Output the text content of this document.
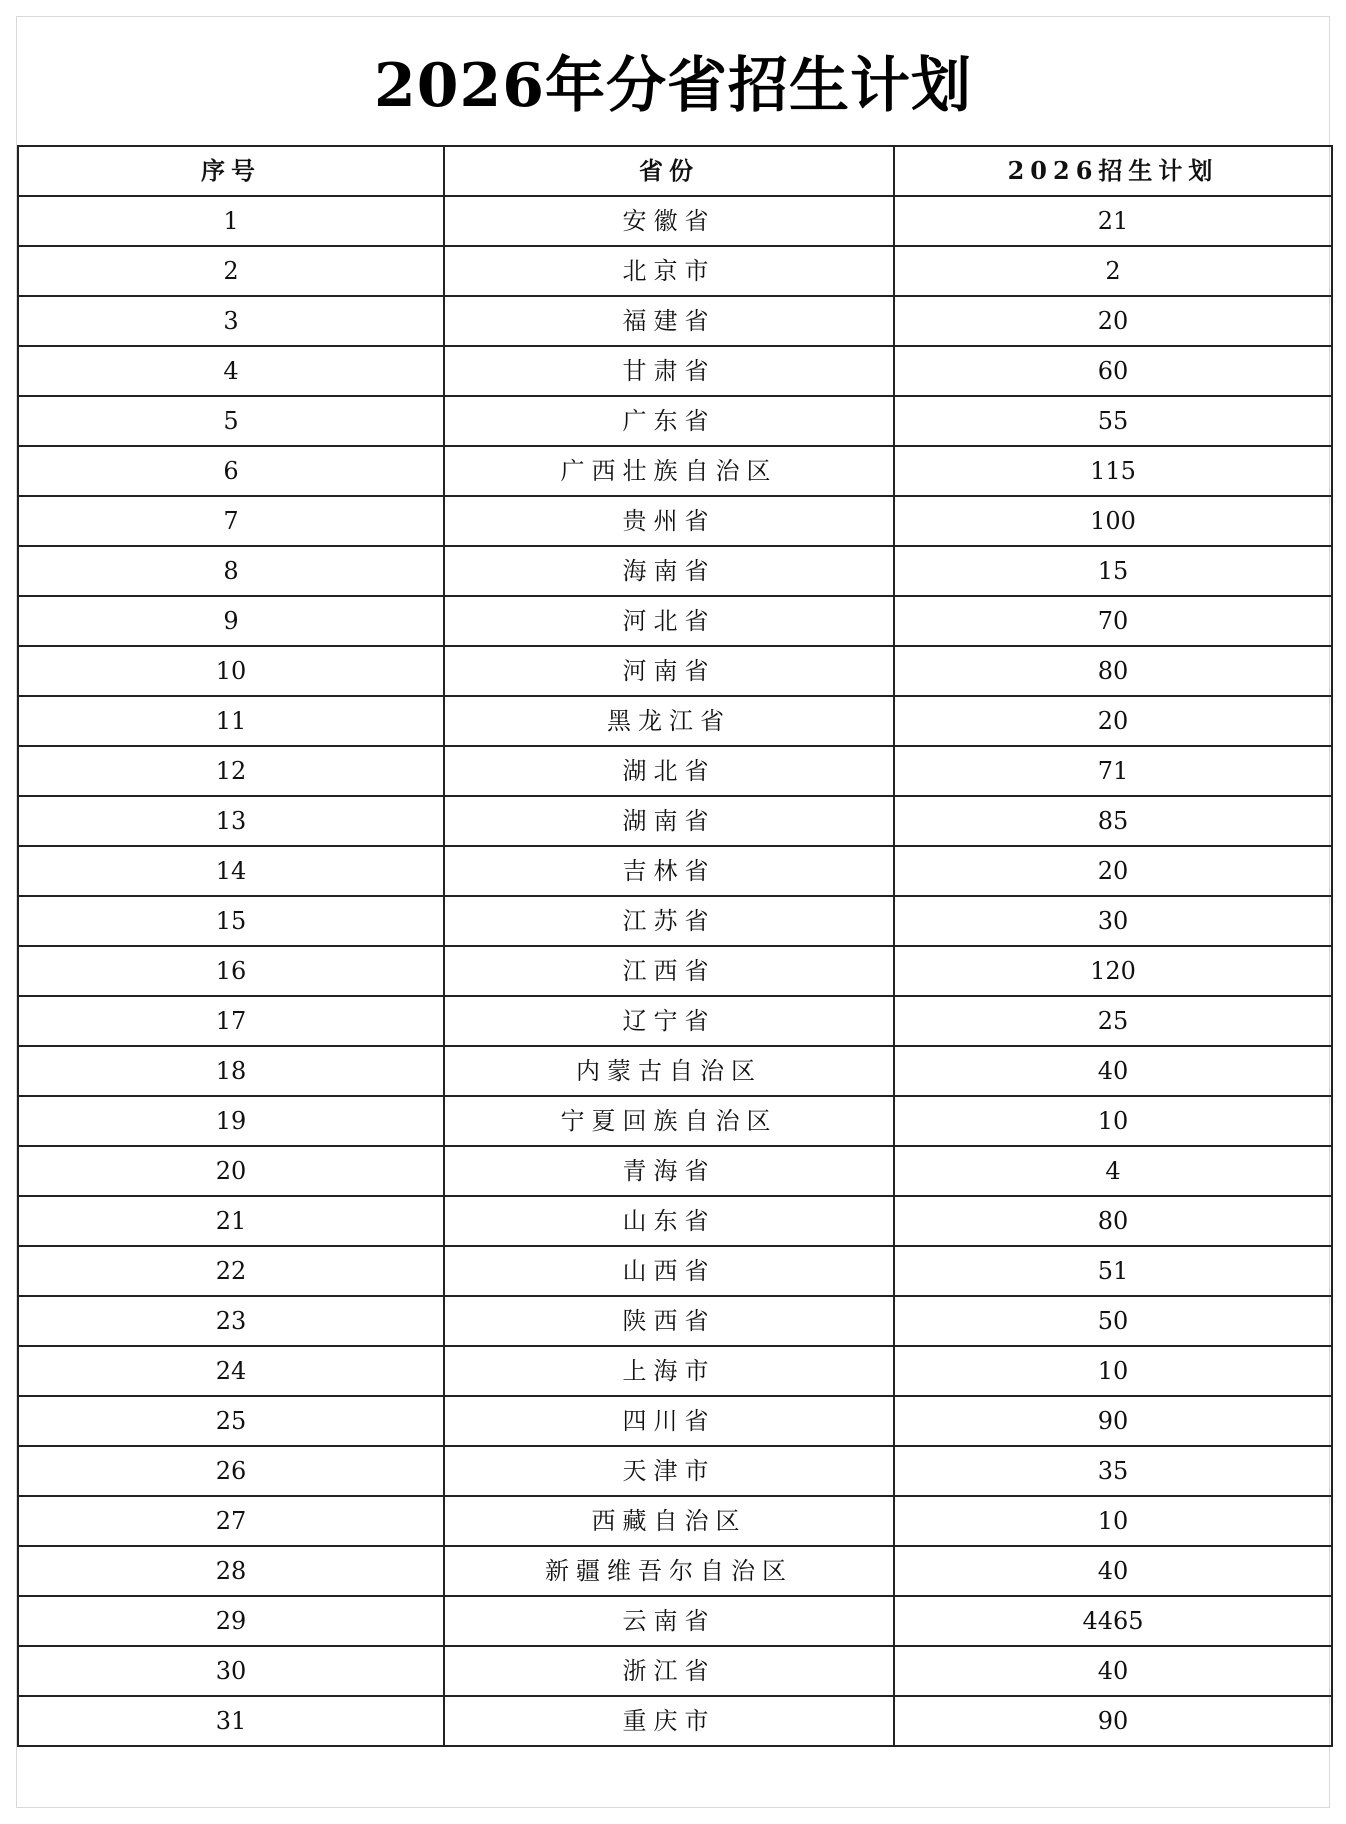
2026年分省招生计划
序号	省份	2026招生计划
1	安徽省	21
2	北京市	2
3	福建省	20
4	甘肃省	60
5	广东省	55
6	广西壮族自治区	115
7	贵州省	100
8	海南省	15
9	河北省	70
10	河南省	80
11	黑龙江省	20
12	湖北省	71
13	湖南省	85
14	吉林省	20
15	江苏省	30
16	江西省	120
17	辽宁省	25
18	内蒙古自治区	40
19	宁夏回族自治区	10
20	青海省	4
21	山东省	80
22	山西省	51
23	陕西省	50
24	上海市	10
25	四川省	90
26	天津市	35
27	西藏自治区	10
28	新疆维吾尔自治区	40
29	云南省	4465
30	浙江省	40
31	重庆市	90
